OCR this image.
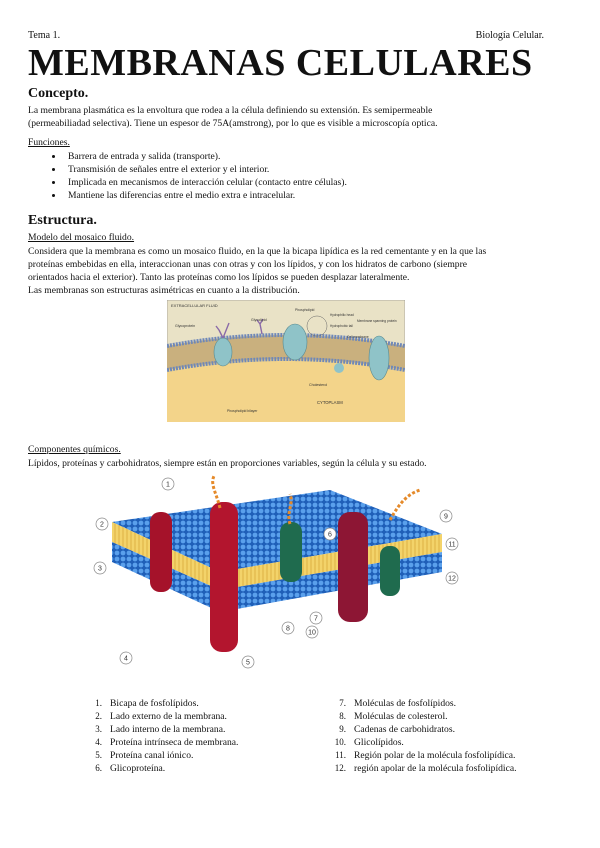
Tema 1.	Biología Celular.
MEMBRANAS CELULARES
Concepto.

La membrana plasmática es la envoltura que rodea a la célula definiendo su extensión. Es semipermeable
(permeabiliadad selectiva). Tiene un espesor de 75A(amstrong), por lo que es visible a microscopía optica.

Funciones.

• Barrera de entrada y salida (transporte).
• Transmisión de señales entre el exterior y el interior.
• Implicada en mecanismos de interacción celular (contacto entre células).
• Mantiene las diferencias entre el medio extra e intracelular.
Estructura.

Modelo del mosaico fluido.

Considera que la membrana es como un mosaico fluido, en la que la bicapa lipídica es la red cementante y en la que las
proteínas embebidas en ella, interaccionan unas con otras y con los lípidos, y con los hidratos de carbono (siempre
orientados hacia el exterior). Tanto las proteínas como los lípidos se pueden desplazar lateralmente.
Las membranas son estructuras asimétricas en cuanto a la distribución.

EXTRACELLULAR FLUID
Glycoprotein
Glycolipid
Phospholipid
Hydrophilic head
Hydrophobic tail
Cell membrane
Membrane spanning protein
Cholesterol
Phospholipid bilayer
CYTOPLASM

Componentes químicos.

Lípidos, proteínas y carbohidratos, siempre están en proporciones variables, según la célula y su estado.

1
2
3
4
5
6
7
8
9
10
11
12
1. Bicapa de fosfolípidos.
2. Lado externo de la membrana.
3. Lado interno de la membrana.
4. Proteína intrínseca de membrana.
5. Proteína canal iónico.
6. Glicoproteína.
7. Moléculas de fosfolípidos.
8. Moléculas de colesterol.
9. Cadenas de carbohidratos.
10. Glicolípidos.
11. Región polar de la molécula fosfolipídica.
12. región apolar de la molécula fosfolipídica.
